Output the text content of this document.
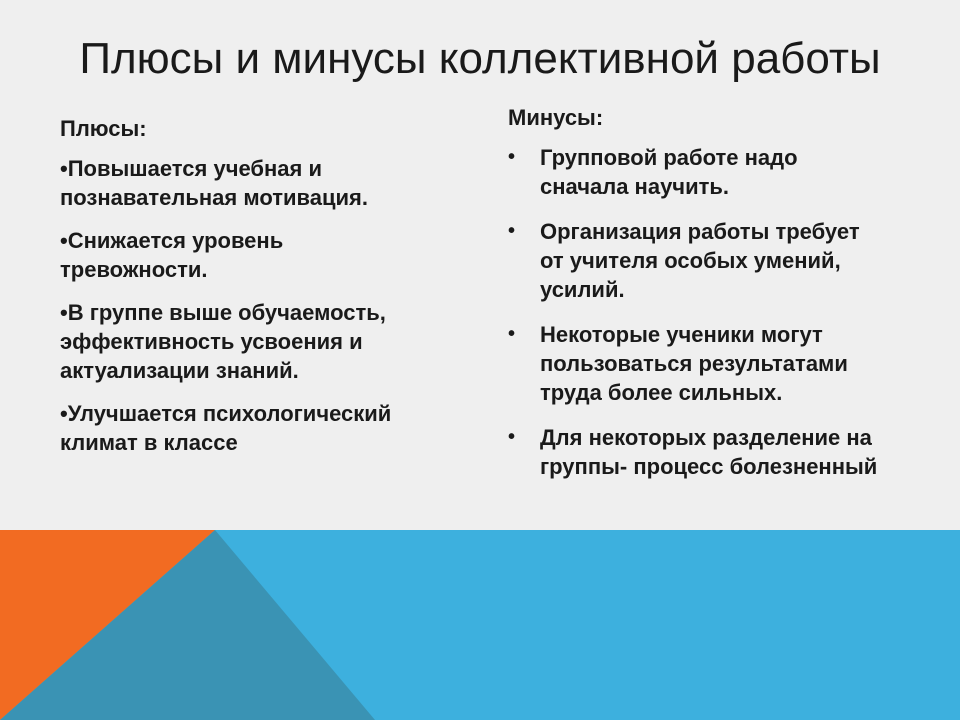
Плюсы и минусы коллективной работы
Плюсы:
•Повышается учебная и познавательная мотивация.
•Снижается уровень тревожности.
•В группе выше обучаемость, эффективность усвоения и актуализации знаний.
•Улучшается психологический климат в классе
Минусы:
• Групповой работе надо сначала научить.
• Организация работы требует от учителя особых умений, усилий.
• Некоторые ученики могут пользоваться результатами труда более сильных.
• Для некоторых разделение на группы- процесс болезненный
